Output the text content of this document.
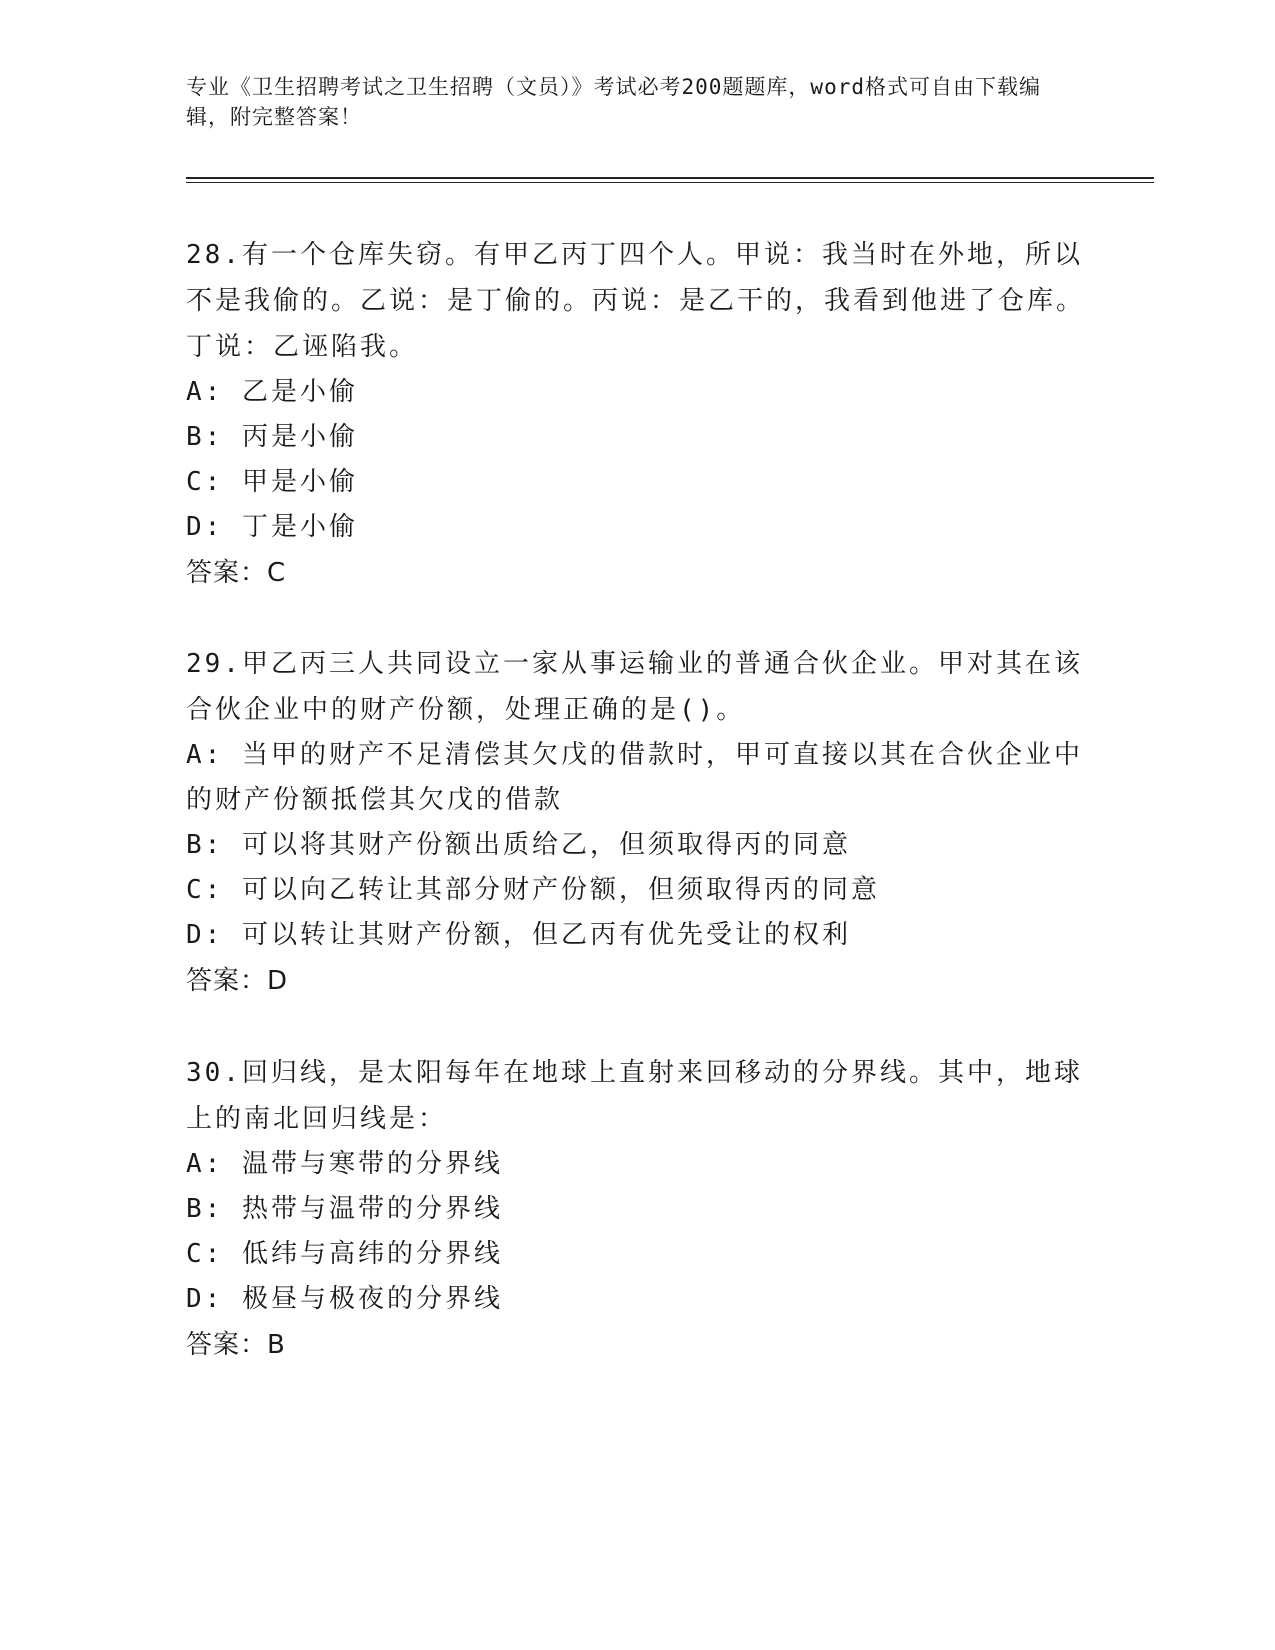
专业《卫生招聘考试之卫生招聘（文员）》考试必考200题题库，word格式可自由下载编辑，附完整答案！
28.有一个仓库失窃。有甲乙丙丁四个人。甲说：我当时在外地，所以不是我偷的。乙说：是丁偷的。丙说：是乙干的，我看到他进了仓库。丁说：乙诬陷我。
A: 乙是小偷
B: 丙是小偷
C: 甲是小偷
D: 丁是小偷
答案：C
29.甲乙丙三人共同设立一家从事运输业的普通合伙企业。甲对其在该合伙企业中的财产份额，处理正确的是()。
A: 当甲的财产不足清偿其欠戊的借款时，甲可直接以其在合伙企业中的财产份额抵偿其欠戊的借款
B: 可以将其财产份额出质给乙，但须取得丙的同意
C: 可以向乙转让其部分财产份额，但须取得丙的同意
D: 可以转让其财产份额，但乙丙有优先受让的权利
答案：D
30.回归线，是太阳每年在地球上直射来回移动的分界线。其中，地球上的南北回归线是：
A: 温带与寒带的分界线
B: 热带与温带的分界线
C: 低纬与高纬的分界线
D: 极昼与极夜的分界线
答案：B
